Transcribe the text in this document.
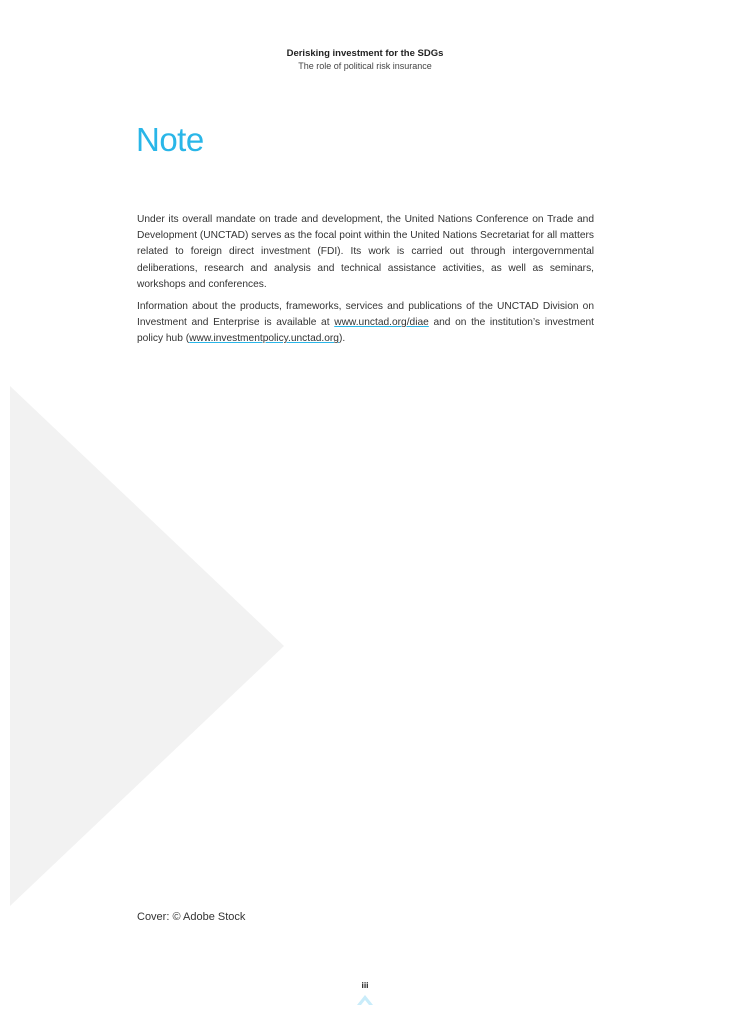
Derisking investment for the SDGs
The role of political risk insurance
Note

Under its overall mandate on trade and development, the United Nations Conference on Trade and Development (UNCTAD) serves as the focal point within the United Nations Secretariat for all matters related to foreign direct investment (FDI). Its work is carried out through intergovernmental deliberations, research and analysis and technical assistance activities, as well as seminars, workshops and conferences.

Information about the products, frameworks, services and publications of the UNCTAD Division on Investment and Enterprise is available at www.unctad.org/diae and on the institution’s investment policy hub (www.investmentpolicy.unctad.org).

Cover: © Adobe Stock
iii
